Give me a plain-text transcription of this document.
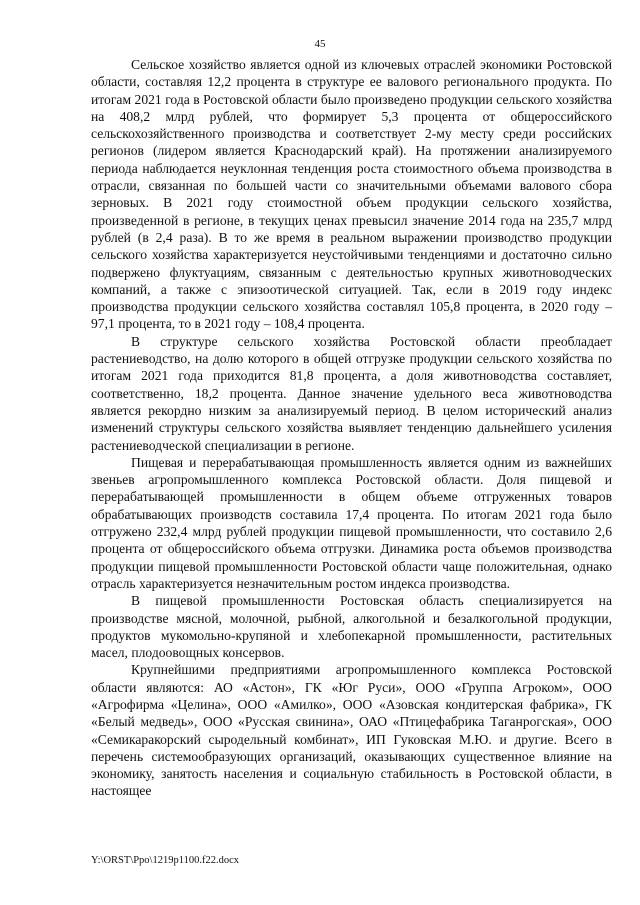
45

Сельское хозяйство является одной из ключевых отраслей экономики Ростовской области, составляя 12,2 процента в структуре ее валового регионального продукта. По итогам 2021 года в Ростовской области было произведено продукции сельского хозяйства на 408,2 млрд рублей, что формирует 5,3 процента от общероссийского сельскохозяйственного производства и соответствует 2-му месту среди российских регионов (лидером является Краснодарский край). На протяжении анализируемого периода наблюдается неуклонная тенденция роста стоимостного объема производства в отрасли, связанная по большей части со значительными объемами валового сбора зерновых. В 2021 году стоимостной объем продукции сельского хозяйства, произведенной в регионе, в текущих ценах превысил значение 2014 года на 235,7 млрд рублей (в 2,4 раза). В то же время в реальном выражении производство продукции сельского хозяйства характеризуется неустойчивыми тенденциями и достаточно сильно подвержено флуктуациям, связанным с деятельностью крупных животноводческих компаний, а также с эпизоотической ситуацией. Так, если в 2019 году индекс производства продукции сельского хозяйства составлял 105,8 процента, в 2020 году – 97,1 процента, то в 2021 году – 108,4 процента.

В структуре сельского хозяйства Ростовской области преобладает растениеводство, на долю которого в общей отгрузке продукции сельского хозяйства по итогам 2021 года приходится 81,8 процента, а доля животноводства составляет, соответственно, 18,2 процента. Данное значение удельного веса животноводства является рекордно низким за анализируемый период. В целом исторический анализ изменений структуры сельского хозяйства выявляет тенденцию дальнейшего усиления растениеводческой специализации в регионе.

Пищевая и перерабатывающая промышленность является одним из важнейших звеньев агропромышленного комплекса Ростовской области. Доля пищевой и перерабатывающей промышленности в общем объеме отгруженных товаров обрабатывающих производств составила 17,4 процента. По итогам 2021 года было отгружено 232,4 млрд рублей продукции пищевой промышленности, что составило 2,6 процента от общероссийского объема отгрузки. Динамика роста объемов производства продукции пищевой промышленности Ростовской области чаще положительная, однако отрасль характеризуется незначительным ростом индекса производства.

В пищевой промышленности Ростовская область специализируется на производстве мясной, молочной, рыбной, алкогольной и безалкогольной продукции, продуктов мукомольно-крупяной и хлебопекарной промышленности, растительных масел, плодоовощных консервов.

Крупнейшими предприятиями агропромышленного комплекса Ростовской области являются: АО «Астон», ГК «Юг Руси», ООО «Группа Агроком», ООО «Агрофирма «Целина», ООО «Амилко», ООО «Азовская кондитерская фабрика», ГК «Белый медведь», ООО «Русская свинина», ОАО «Птицефабрика Таганрогская», ООО «Семикаракорский сыродельный комбинат», ИП Гуковская М.Ю. и другие. Всего в перечень системообразующих организаций, оказывающих существенное влияние на экономику, занятость населения и социальную стабильность в Ростовской области, в настоящее

Y:\ORST\Ppo\1219p1100.f22.docx
